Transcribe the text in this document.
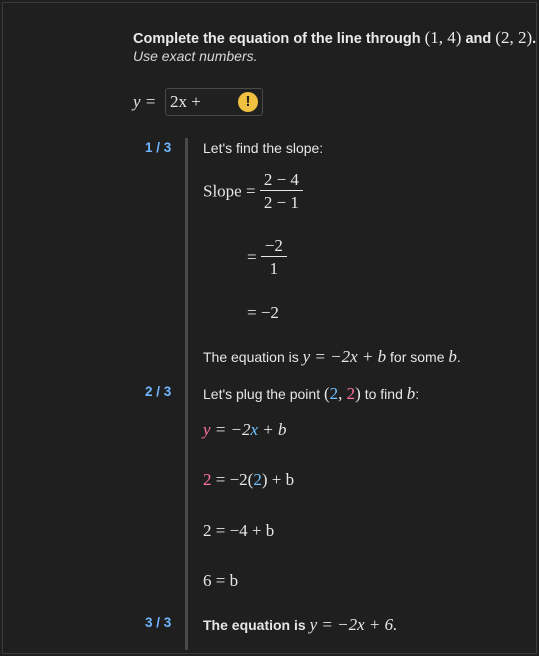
Complete the equation of the line through (1, 4) and (2, 2).
Use exact numbers.
y =
2x +	!
1 / 3 Let's find the slope:
Slope = $\frac{2 - 4}{2 - 1}$
= $\frac{-2}{1}$
= −2
The equation is y = −2x + b for some b.
2 / 3 Let's plug the point (2, 2) to find b:
y = −2x + b
2 = −2(2) + b
2 = −4 + b
6 = b
3 / 3 The equation is y = −2x + 6.
